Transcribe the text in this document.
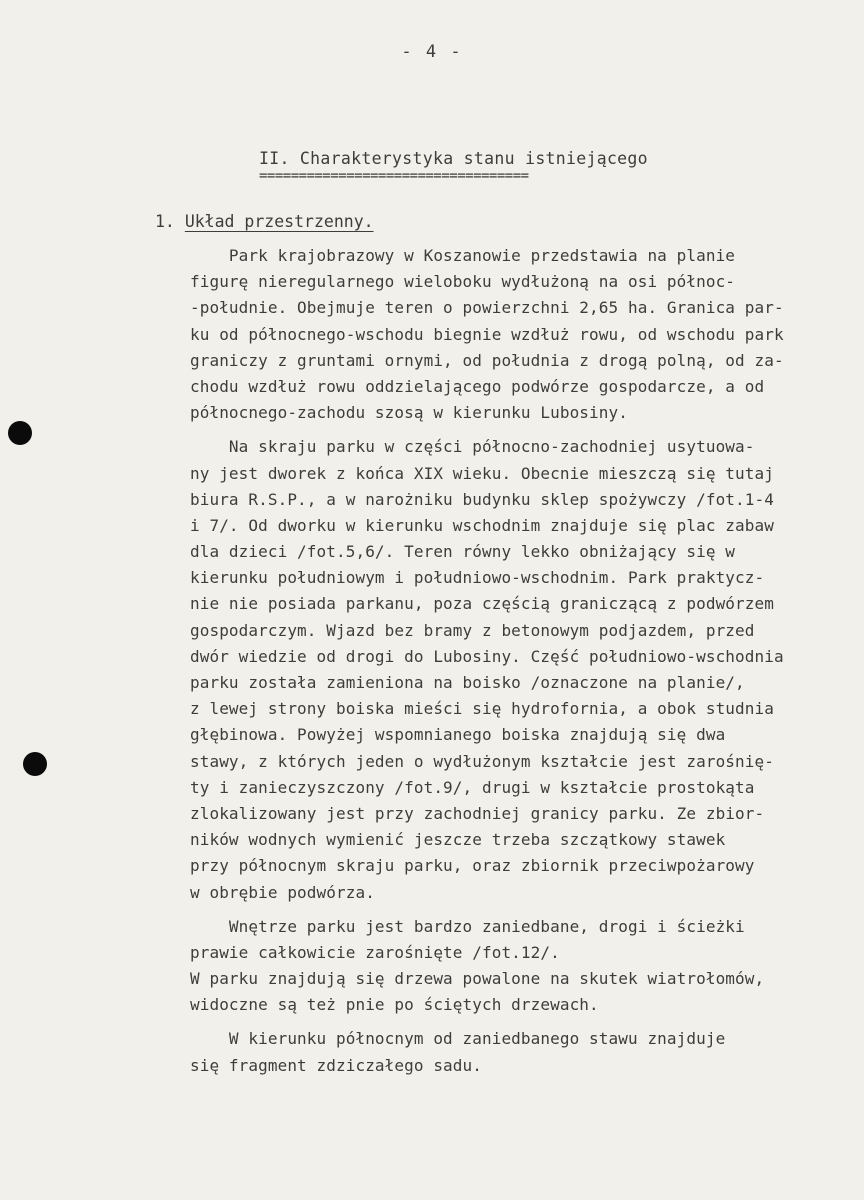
- 4 -
II. Charakterystyka stanu istniejącego
==================================
1. Układ przestrzenny.
Park krajobrazowy w Koszanowie przedstawia na planie
figurę nieregularnego wieloboku wydłużoną na osi północ-
-południe. Obejmuje teren o powierzchni 2,65 ha. Granica par-
ku od północnego-wschodu biegnie wzdłuż rowu, od wschodu park
graniczy z gruntami ornymi, od południa z drogą polną, od za-
chodu wzdłuż rowu oddzielającego podwórze gospodarcze, a od
północnego-zachodu szosą w kierunku Lubosiny.
Na skraju parku w części północno-zachodniej usytuowa-
ny jest dworek z końca XIX wieku. Obecnie mieszczą się tutaj
biura R.S.P., a w narożniku budynku sklep spożywczy /fot.1-4
i 7/. Od dworku w kierunku wschodnim znajduje się plac zabaw
dla dzieci /fot.5,6/. Teren równy lekko obniżający się w
kierunku południowym i południowo-wschodnim. Park praktycz-
nie nie posiada parkanu, poza częścią graniczącą z podwórzem
gospodarczym. Wjazd bez bramy z betonowym podjazdem, przed
dwór wiedzie od drogi do Lubosiny. Część południowo-wschodnia
parku została zamieniona na boisko /oznaczone na planie/,
z lewej strony boiska mieści się hydrofornia, a obok studnia
głębinowa. Powyżej wspomnianego boiska znajdują się dwa
stawy, z których jeden o wydłużonym kształcie jest zarośnię-
ty i zanieczyszczony /fot.9/, drugi w kształcie prostokąta
zlokalizowany jest przy zachodniej granicy parku. Ze zbior-
ników wodnych wymienić jeszcze trzeba szczątkowy stawek
przy północnym skraju parku, oraz zbiornik przeciwpożarowy
w obrębie podwórza.
Wnętrze parku jest bardzo zaniedbane, drogi i ścieżki
prawie całkowicie zarośnięte /fot.12/.
W parku znajdują się drzewa powalone na skutek wiatrołomów,
widoczne są też pnie po ściętych drzewach.
W kierunku północnym od zaniedbanego stawu znajduje
się fragment zdziczałego sadu.
